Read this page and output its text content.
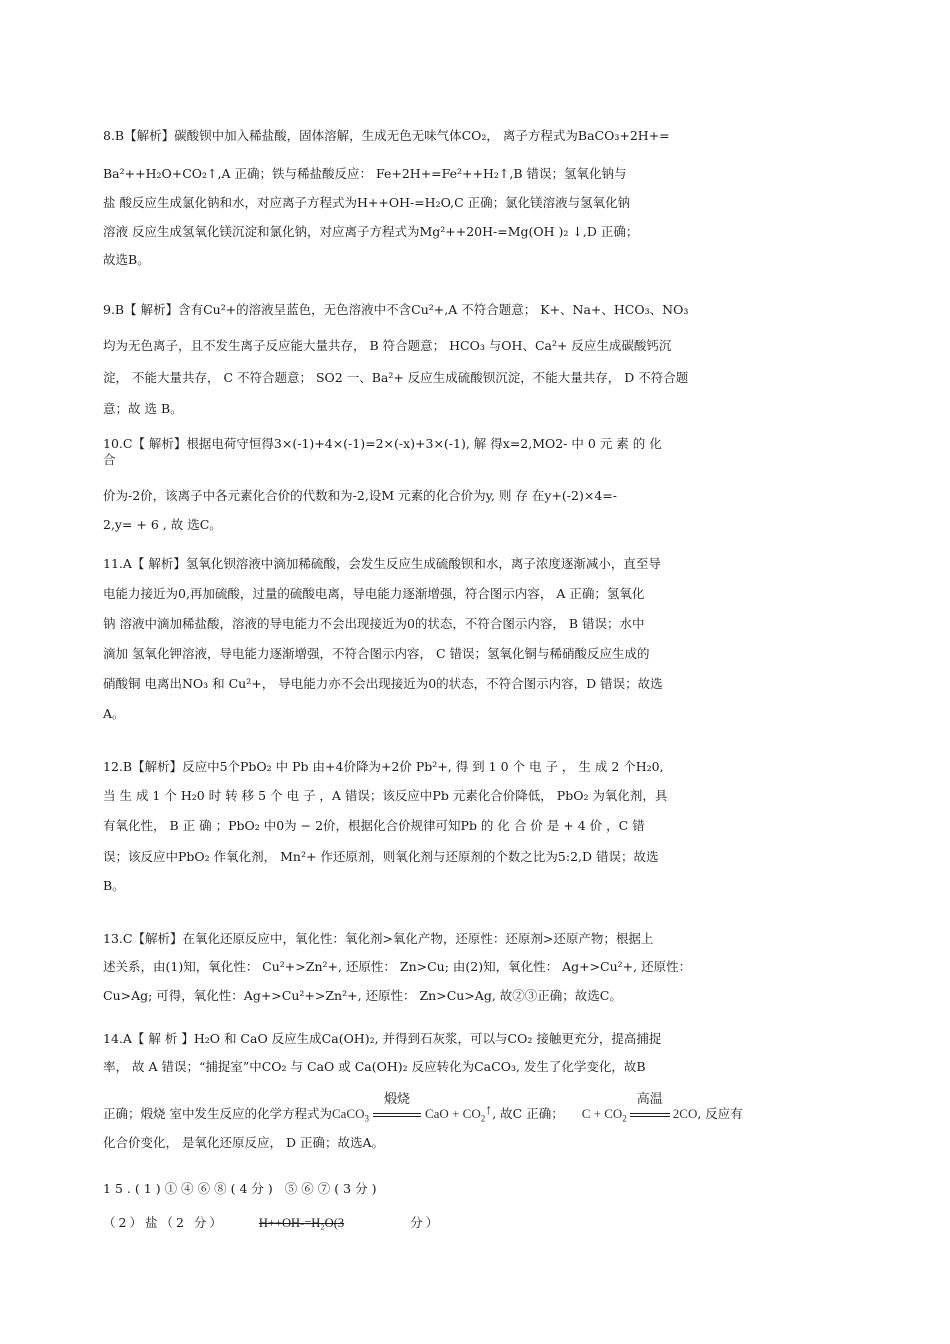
8.B【解析】碳酸钡中加入稀盐酸，固体溶解，生成无色无味气体CO₂， 离子方程式为BaCO₃+2H+=
Ba²++H₂O+CO₂↑,A 正确；铁与稀盐酸反应： Fe+2H+=Fe²++H₂↑,B 错误；氢氧化钠与
盐 酸反应生成氯化钠和水，对应离子方程式为H++OH-=H₂O,C 正确；氯化镁溶液与氢氧化钠
溶液 反应生成氢氧化镁沉淀和氯化钠，对应离子方程式为Mg²++20H-=Mg(OH )₂ ↓,D 正确；
故选B。
9.B【 解析】含有Cu²+的溶液呈蓝色，无色溶液中不含Cu²+,A 不符合题意； K+、Na+、HCO₃、NO₃
均为无色离子，且不发生离子反应能大量共存， B 符合题意； HCO₃ 与OH、Ca²+ 反应生成碳酸钙沉
淀， 不能大量共存， C 不符合题意； SO2 一、Ba²+ 反应生成硫酸钡沉淀，不能大量共存， D 不符合题
意；故 选 B。
10.C【 解析】根据电荷守恒得3×(-1)+4×(-1)=2×(-x)+3×(-1), 解 得x=2,MO2- 中 0 元 素 的 化
合
价为-2价，该离子中各元素化合价的代数和为-2,设M 元素的化合价为y, 则 存 在y+(-2)×4=-
2,y= + 6 , 故 选C。
11.A【 解析】氢氧化钡溶液中滴加稀硫酸，会发生反应生成硫酸钡和水，离子浓度逐渐减小，直至导
电能力接近为0,再加硫酸，过量的硫酸电离，导电能力逐渐增强，符合图示内容， A 正确；氢氧化
钠 溶液中滴加稀盐酸，溶液的导电能力不会出现接近为0的状态，不符合图示内容， B 错误；水中
滴加 氢氧化钾溶液，导电能力逐渐增强，不符合图示内容， C 错误；氢氧化铜与稀硝酸反应生成的
硝酸铜 电离出NO₃ 和 Cu²+， 导电能力亦不会出现接近为0的状态，不符合图示内容，D 错误；故选
A。
12.B【解析】反应中5个PbO₂ 中 Pb 由+4价降为+2价 Pb²+, 得 到 1 0 个 电 子 ， 生 成 2 个H₂0,
当 生 成 1 个 H₂0 时 转 移 5 个 电 子 ，A 错误；该反应中Pb 元素化合价降低， PbO₂ 为氧化剂，具
有氧化性， B 正 确 ；PbO₂ 中0为 − 2价，根据化合价规律可知Pb 的 化 合 价 是 + 4 价 ，C 错
误；该反应中PbO₂ 作氧化剂， Mn²+ 作还原剂，则氧化剂与还原剂的个数之比为5:2,D 错误；故选
B。
13.C【解析】在氧化还原反应中，氧化性：氧化剂>氧化产物，还原性：还原剂>还原产物；根据上
述关系，由(1)知，氧化性： Cu²+>Zn²+, 还原性： Zn>Cu; 由(2)知，氧化性： Ag+>Cu²+, 还原性：
Cu>Ag; 可得，氧化性：Ag+>Cu²+>Zn²+, 还原性： Zn>Cu>Ag, 故②③正确；故选C。
14.A【 解 析 】H₂O 和 CaO 反应生成Ca(OH)₂, 并得到石灰浆，可以与CO₂ 接触更充分，提高捕捉
率， 故 A 错误；“捕捉室”中CO₂ 与 CaO 或 Ca(OH)₂ 反应转化为CaCO₃, 发生了化学变化，故B
正确；煅烧 室中发生反应的化学方程式为CaCO$_3$
煅烧
CaO + $CO_2↑$, 故C 正确； $C + CO_2$
高温
2CO, 反应有
化合价变化， 是氧化还原反应， D 正确；故选A。
15.(1)①④⑥⑧(4分) ⑤⑥⑦(3分)
（2）盐（2 分）	H++OH-=H₂O(3	分）
